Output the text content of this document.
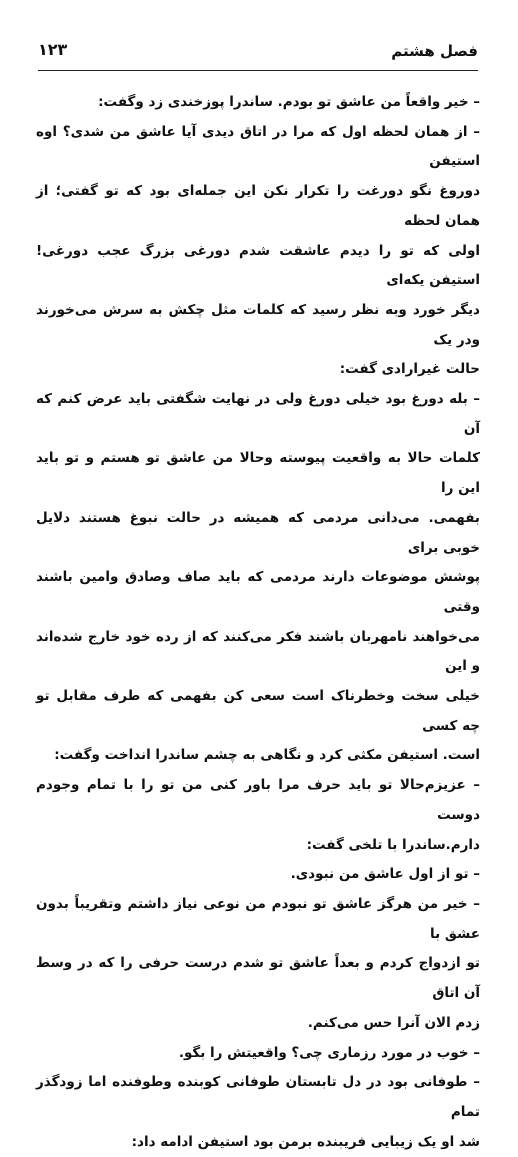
فصل هشتم
۱۲۳

– خیر واقعاً من عاشق تو بودم. ساندرا پوزخندی زد وگفت:

– از همان لحظه اول که مرا در اتاق دیدی آیا عاشق من شدی؟ اوه استیفن

دوروغ نگو دورغت را تکرار نکن این جمله‌ای بود که تو گفتی؛ از همان لحظه

اولی که تو را دیدم عاشقت شدم دورغی بزرگ عجب دورغی! استیفن یکه‌ای

دیگر خورد وبه نظر رسید که کلمات مثل چکش به سرش می‌خورند ودر یک

حالت غیرارادی گفت:

– بله دورغ بود خیلی دورغ ولی در نهایت شگفتی باید عرض کنم که آن

کلمات حالا به واقعیت پیوسته وحالا من عاشق تو هستم و تو باید این را

بفهمی. می‌دانی مردمی که همیشه در حالت نبوغ هستند دلایل خوبی برای

پوشش موضوعات دارند مردمی که باید صاف وصادق وامین باشند وقتی

می‌خواهند نامهربان باشند فکر می‌کنند که از رده خود خارج شده‌اند و این

خیلی سخت وخطرناک است سعی کن بفهمی که طرف مقابل تو چه کسی

است. استیفن مکثی کرد و نگاهی به چشم ساندرا انداخت وگفت:

– عزیزم‌حالا تو باید حرف مرا باور کنی من تو را با تمام وجودم دوست

دارم.ساندرا با تلخی گفت:

– تو از اول عاشق من نبودی.

– خیر من هرگز عاشق تو نبودم من نوعی نیاز داشتم وتقریباً بدون عشق با

تو ازدواج کردم و بعداً عاشق تو شدم درست حرفی را که در وسط آن اتاق

زدم الان آنرا حس می‌کنم.

– خوب در مورد رزماری چی؟ واقعیتش را بگو.

– طوفانی بود در دل تابستان طوفانی کوبنده وطوفنده اما زودگذر تمام

شد او یک زیبایی فریبنده برمن بود استیفن ادامه داد:
